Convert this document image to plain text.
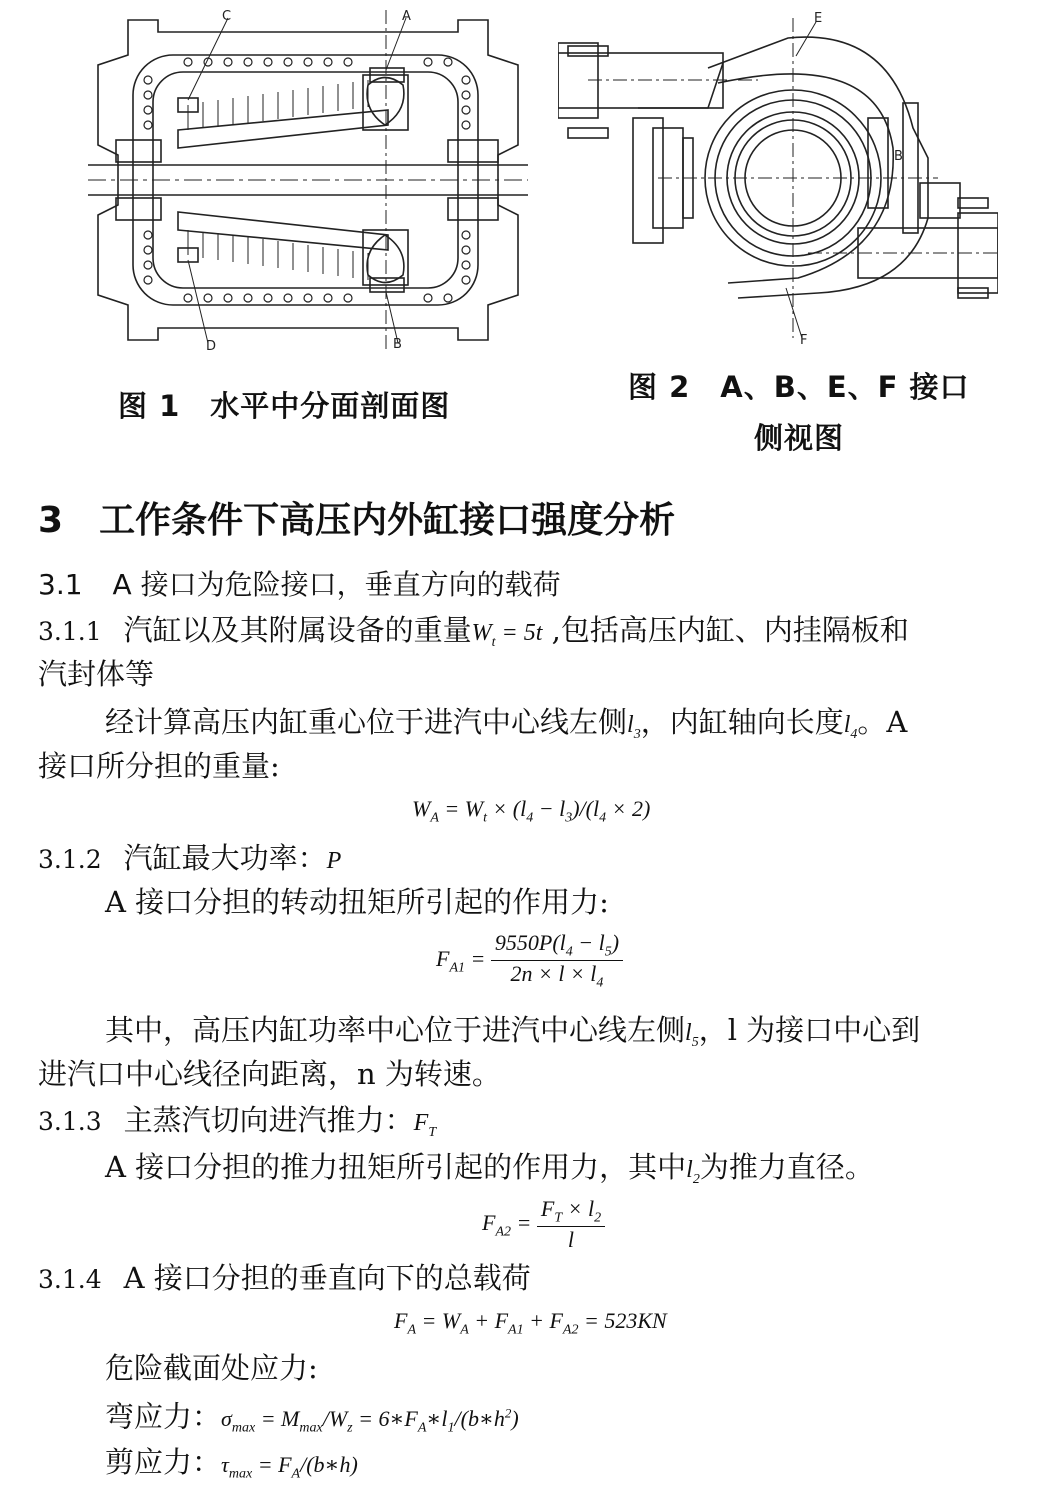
C	A
D	B
图 1　水平中分面剖面图
E
B
F
图 2　A、B、E、F 接口
侧视图
3 工作条件下高压内外缸接口强度分析
3.1 A 接口为危险接口，垂直方向的载荷
3.1.1 汽缸以及其附属设备的重量$W_t = 5t$ ,包括高压内缸、内挂隔板和
汽封体等
经计算高压内缸重心位于进汽中心线左侧$l_3$，内缸轴向长度$l_4$。A
接口所分担的重量:
$W_A = W_t \times (l_4 - l_3)/(l_4 \times 2)$
3.1.2 汽缸最大功率：P
A 接口分担的转动扭矩所引起的作用力:
$F_{A1} = \frac{9550P(l_4 - l_5)}{2n \times l \times l_4}$
其中，高压内缸功率中心位于进汽中心线左侧$l_5$，l 为接口中心到
进汽口中心线径向距离，n 为转速。
3.1.3 主蒸汽切向进汽推力：$F_T$
A 接口分担的推力扭矩所引起的作用力，其中$l_2$为推力直径。
$F_{A2} = \frac{F_T \times l_2}{l}$
3.1.4 A 接口分担的垂直向下的总载荷
$F_A = W_A + F_{A1} + F_{A2} = 523KN$
危险截面处应力:
弯应力：$\sigma_{max} = M_{max}/W_z$ = $6∗F_A∗l_1/(b∗h^2)$
剪应力：$\tau_{max}$ = $F_A/(b∗h)$
